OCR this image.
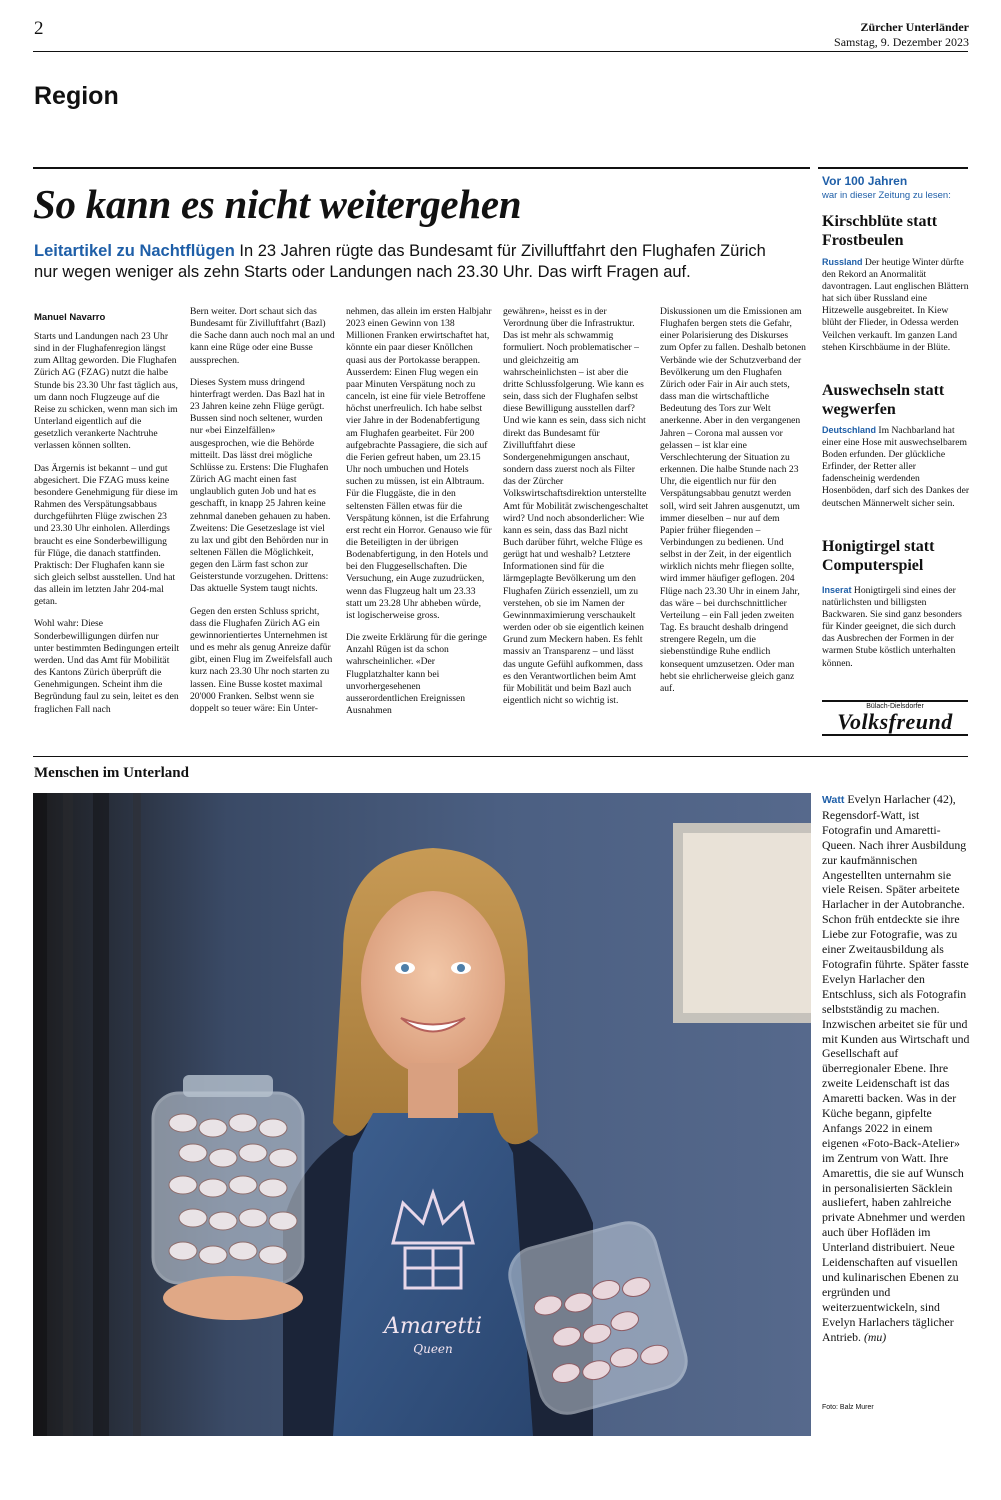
2	Zürcher Unterländer
Samstag, 9. Dezember 2023
Region
So kann es nicht weitergehen
Leitartikel zu Nachtflügen In 23 Jahren rügte das Bundesamt für Zivilluftfahrt den Flughafen Zürich nur wegen weniger als zehn Starts oder Landungen nach 23.30 Uhr. Das wirft Fragen auf.
Manuel Navarro

Starts und Landungen nach 23 Uhr sind in der Flughafenregion längst zum Alltag geworden. Die Flughafen Zürich AG (FZAG) nutzt die halbe Stunde bis 23.30 Uhr fast täglich aus, um dann noch Flugzeuge auf die Reise zu schicken, wenn man sich im Unterland eigentlich auf die gesetzlich verankerte Nachtruhe verlassen können sollten.

Das Ärgernis ist bekannt – und gut abgesichert. Die FZAG muss keine besondere Genehmigung für diese im Rahmen des Verspätungsabbaus durchgeführten Flüge zwischen 23 und 23.30 Uhr einholen. Allerdings braucht es eine Sonderbewilligung für Flüge, die danach stattfinden. Praktisch: Der Flughafen kann sie sich gleich selbst ausstellen. Und hat das allein im letzten Jahr 204-mal getan.

Wohl wahr: Diese Sonderbewilligungen dürfen nur unter bestimmten Bedingungen erteilt werden. Und das Amt für Mobilität des Kantons Zürich überprüft die Genehmigungen. Scheint ihm die Begründung faul zu sein, leitet es den fraglichen Fall nach

Bern weiter. Dort schaut sich das Bundesamt für Zivilluftfahrt (Bazl) die Sache dann auch noch mal an und kann eine Rüge oder eine Busse aussprechen.

Dieses System muss dringend hinterfragt werden. Das Bazl hat in 23 Jahren keine zehn Flüge gerügt. Bussen sind noch seltener, wurden nur «bei Einzelfällen» ausgesprochen, wie die Behörde mitteilt. Das lässt drei mögliche Schlüsse zu. Erstens: Die Flughafen Zürich AG macht einen fast unglaublich guten Job und hat es geschafft, in knapp 25 Jahren keine zehnmal daneben gehauen zu haben. Zweitens: Die Gesetzeslage ist viel zu lax und gibt den Behörden nur in seltenen Fällen die Möglichkeit, gegen den Lärm fast schon zur Geisterstunde vorzugehen. Drittens: Das aktuelle System taugt nichts.

Gegen den ersten Schluss spricht, dass die Flughafen Zürich AG ein gewinnorientiertes Unternehmen ist und es mehr als genug Anreize dafür gibt, einen Flug im Zweifelsfall auch kurz nach 23.30 Uhr noch starten zu lassen. Eine Busse kostet maximal 20'000 Franken. Selbst wenn sie doppelt so teuer wäre: Ein Unter-

nehmen, das allein im ersten Halbjahr 2023 einen Gewinn von 138 Millionen Franken erwirtschaftet hat, könnte ein paar dieser Knöllchen quasi aus der Portokasse berappen. Ausserdem: Einen Flug wegen ein paar Minuten Verspätung noch zu canceln, ist eine für viele Betroffene höchst unerfreulich. Ich habe selbst vier Jahre in der Bodenabfertigung am Flughafen gearbeitet. Für 200 aufgebrachte Passagiere, die sich auf die Ferien gefreut haben, um 23.15 Uhr noch umbuchen und Hotels suchen zu müssen, ist ein Albtraum. Für die Fluggäste, die in den seltensten Fällen etwas für die Verspätung können, ist die Erfahrung erst recht ein Horror. Genauso wie für die Beteiligten in der übrigen Bodenabfertigung, in den Hotels und bei den Fluggesellschaften. Die Versuchung, ein Auge zuzudrücken, wenn das Flugzeug halt um 23.33 statt um 23.28 Uhr abheben würde, ist logischerweise gross.

Die zweite Erklärung für die geringe Anzahl Rügen ist da schon wahrscheinlicher. «Der Flugplatzhalter kann bei unvorhergesehenen ausserordentlichen Ereignissen Ausnahmen

gewähren», heisst es in der Verordnung über die Infrastruktur. Das ist mehr als schwammig formuliert. Noch problematischer – und gleichzeitig am wahrscheinlichsten – ist aber die dritte Schlussfolgerung. Wie kann es sein, dass sich der Flughafen selbst diese Bewilligung ausstellen darf? Und wie kann es sein, dass sich nicht direkt das Bundesamt für Zivilluftfahrt diese Sondergenehmigungen anschaut, sondern dass zuerst noch als Filter das der Zürcher Volkswirtschaftsdirektion unterstellte Amt für Mobilität zwischengeschaltet wird? Und noch absonderlicher: Wie kann es sein, dass das Bazl nicht Buch darüber führt, welche Flüge es gerügt hat und weshalb? Letztere Informationen sind für die lärmgeplagte Bevölkerung um den Flughafen Zürich essenziell, um zu verstehen, ob sie im Namen der Gewinnmaximierung verschaukelt werden oder ob sie eigentlich keinen Grund zum Meckern haben. Es fehlt massiv an Transparenz – und lässt das ungute Gefühl aufkommen, dass es den Verantwortlichen beim Amt für Mobilität und beim Bazl auch eigentlich nicht so wichtig ist.

Diskussionen um die Emissionen am Flughafen bergen stets die Gefahr, einer Polarisierung des Diskurses zum Opfer zu fallen. Deshalb betonen Verbände wie der Schutzverband der Bevölkerung um den Flughafen Zürich oder Fair in Air auch stets, dass man die wirtschaftliche Bedeutung des Tors zur Welt anerkenne. Aber in den vergangenen Jahren – Corona mal aussen vor gelassen – ist klar eine Verschlechterung der Situation zu erkennen. Die halbe Stunde nach 23 Uhr, die eigentlich nur für den Verspätungsabbau genutzt werden soll, wird seit Jahren ausgenutzt, um immer dieselben – nur auf dem Papier früher fliegenden – Verbindungen zu bedienen. Und selbst in der Zeit, in der eigentlich wirklich nichts mehr fliegen sollte, wird immer häufiger geflogen. 204 Flüge nach 23.30 Uhr in einem Jahr, das wäre – bei durchschnittlicher Verteilung – ein Fall jeden zweiten Tag. Es braucht deshalb dringend strengere Regeln, um die siebenstündige Ruhe endlich konsequent umzusetzen. Oder man hebt sie ehrlicherweise gleich ganz auf.

Vor 100 Jahren
war in dieser Zeitung zu lesen:
Kirschblüte statt Frostbeulen
Russland Der heutige Winter dürfte den Rekord an Anormalität davontragen. Laut englischen Blättern hat sich über Russland eine Hitzewelle ausgebreitet. In Kiew blüht der Flieder, in Odessa werden Veilchen verkauft. Im ganzen Land stehen Kirschbäume in der Blüte.
Auswechseln statt wegwerfen
Deutschland Im Nachbarland hat einer eine Hose mit auswechselbarem Boden erfunden. Der glückliche Erfinder, der Retter aller fadenscheinig werdenden Hosenböden, darf sich des Dankes der deutschen Männerwelt sicher sein.
Honigtirgel statt Computerspiel
Inserat Honigtirgeli sind eines der natürlichsten und billigsten Backwaren. Sie sind ganz besonders für Kinder geeignet, die sich durch das Ausbrechen der Formen in der warmen Stube köstlich unterhalten können.
Bülach-Dielsdorfer
Volksfreund
Menschen im Unterland
Amaretti
Queen
Watt Evelyn Harlacher (42), Regensdorf-Watt, ist Fotografin und Amaretti-Queen. Nach ihrer Ausbildung zur kaufmännischen Angestellten unternahm sie viele Reisen. Später arbeitete Harlacher in der Autobranche. Schon früh entdeckte sie ihre Liebe zur Fotografie, was zu einer Zweitausbildung als Fotografin führte. Später fasste Evelyn Harlacher den Entschluss, sich als Fotografin selbstständig zu machen. Inzwischen arbeitet sie für und mit Kunden aus Wirtschaft und Gesellschaft auf überregionaler Ebene. Ihre zweite Leidenschaft ist das Amaretti backen. Was in der Küche begann, gipfelte Anfangs 2022 in einem eigenen «Foto-Back-Atelier» im Zentrum von Watt. Ihre Amarettis, die sie auf Wunsch in personalisierten Säcklein ausliefert, haben zahlreiche private Abnehmer und werden auch über Hofläden im Unterland distribuiert. Neue Leidenschaften auf visuellen und kulinarischen Ebenen zu ergründen und weiterzuentwickeln, sind Evelyn Harlachers täglicher Antrieb. (mu)
Foto: Balz Murer
